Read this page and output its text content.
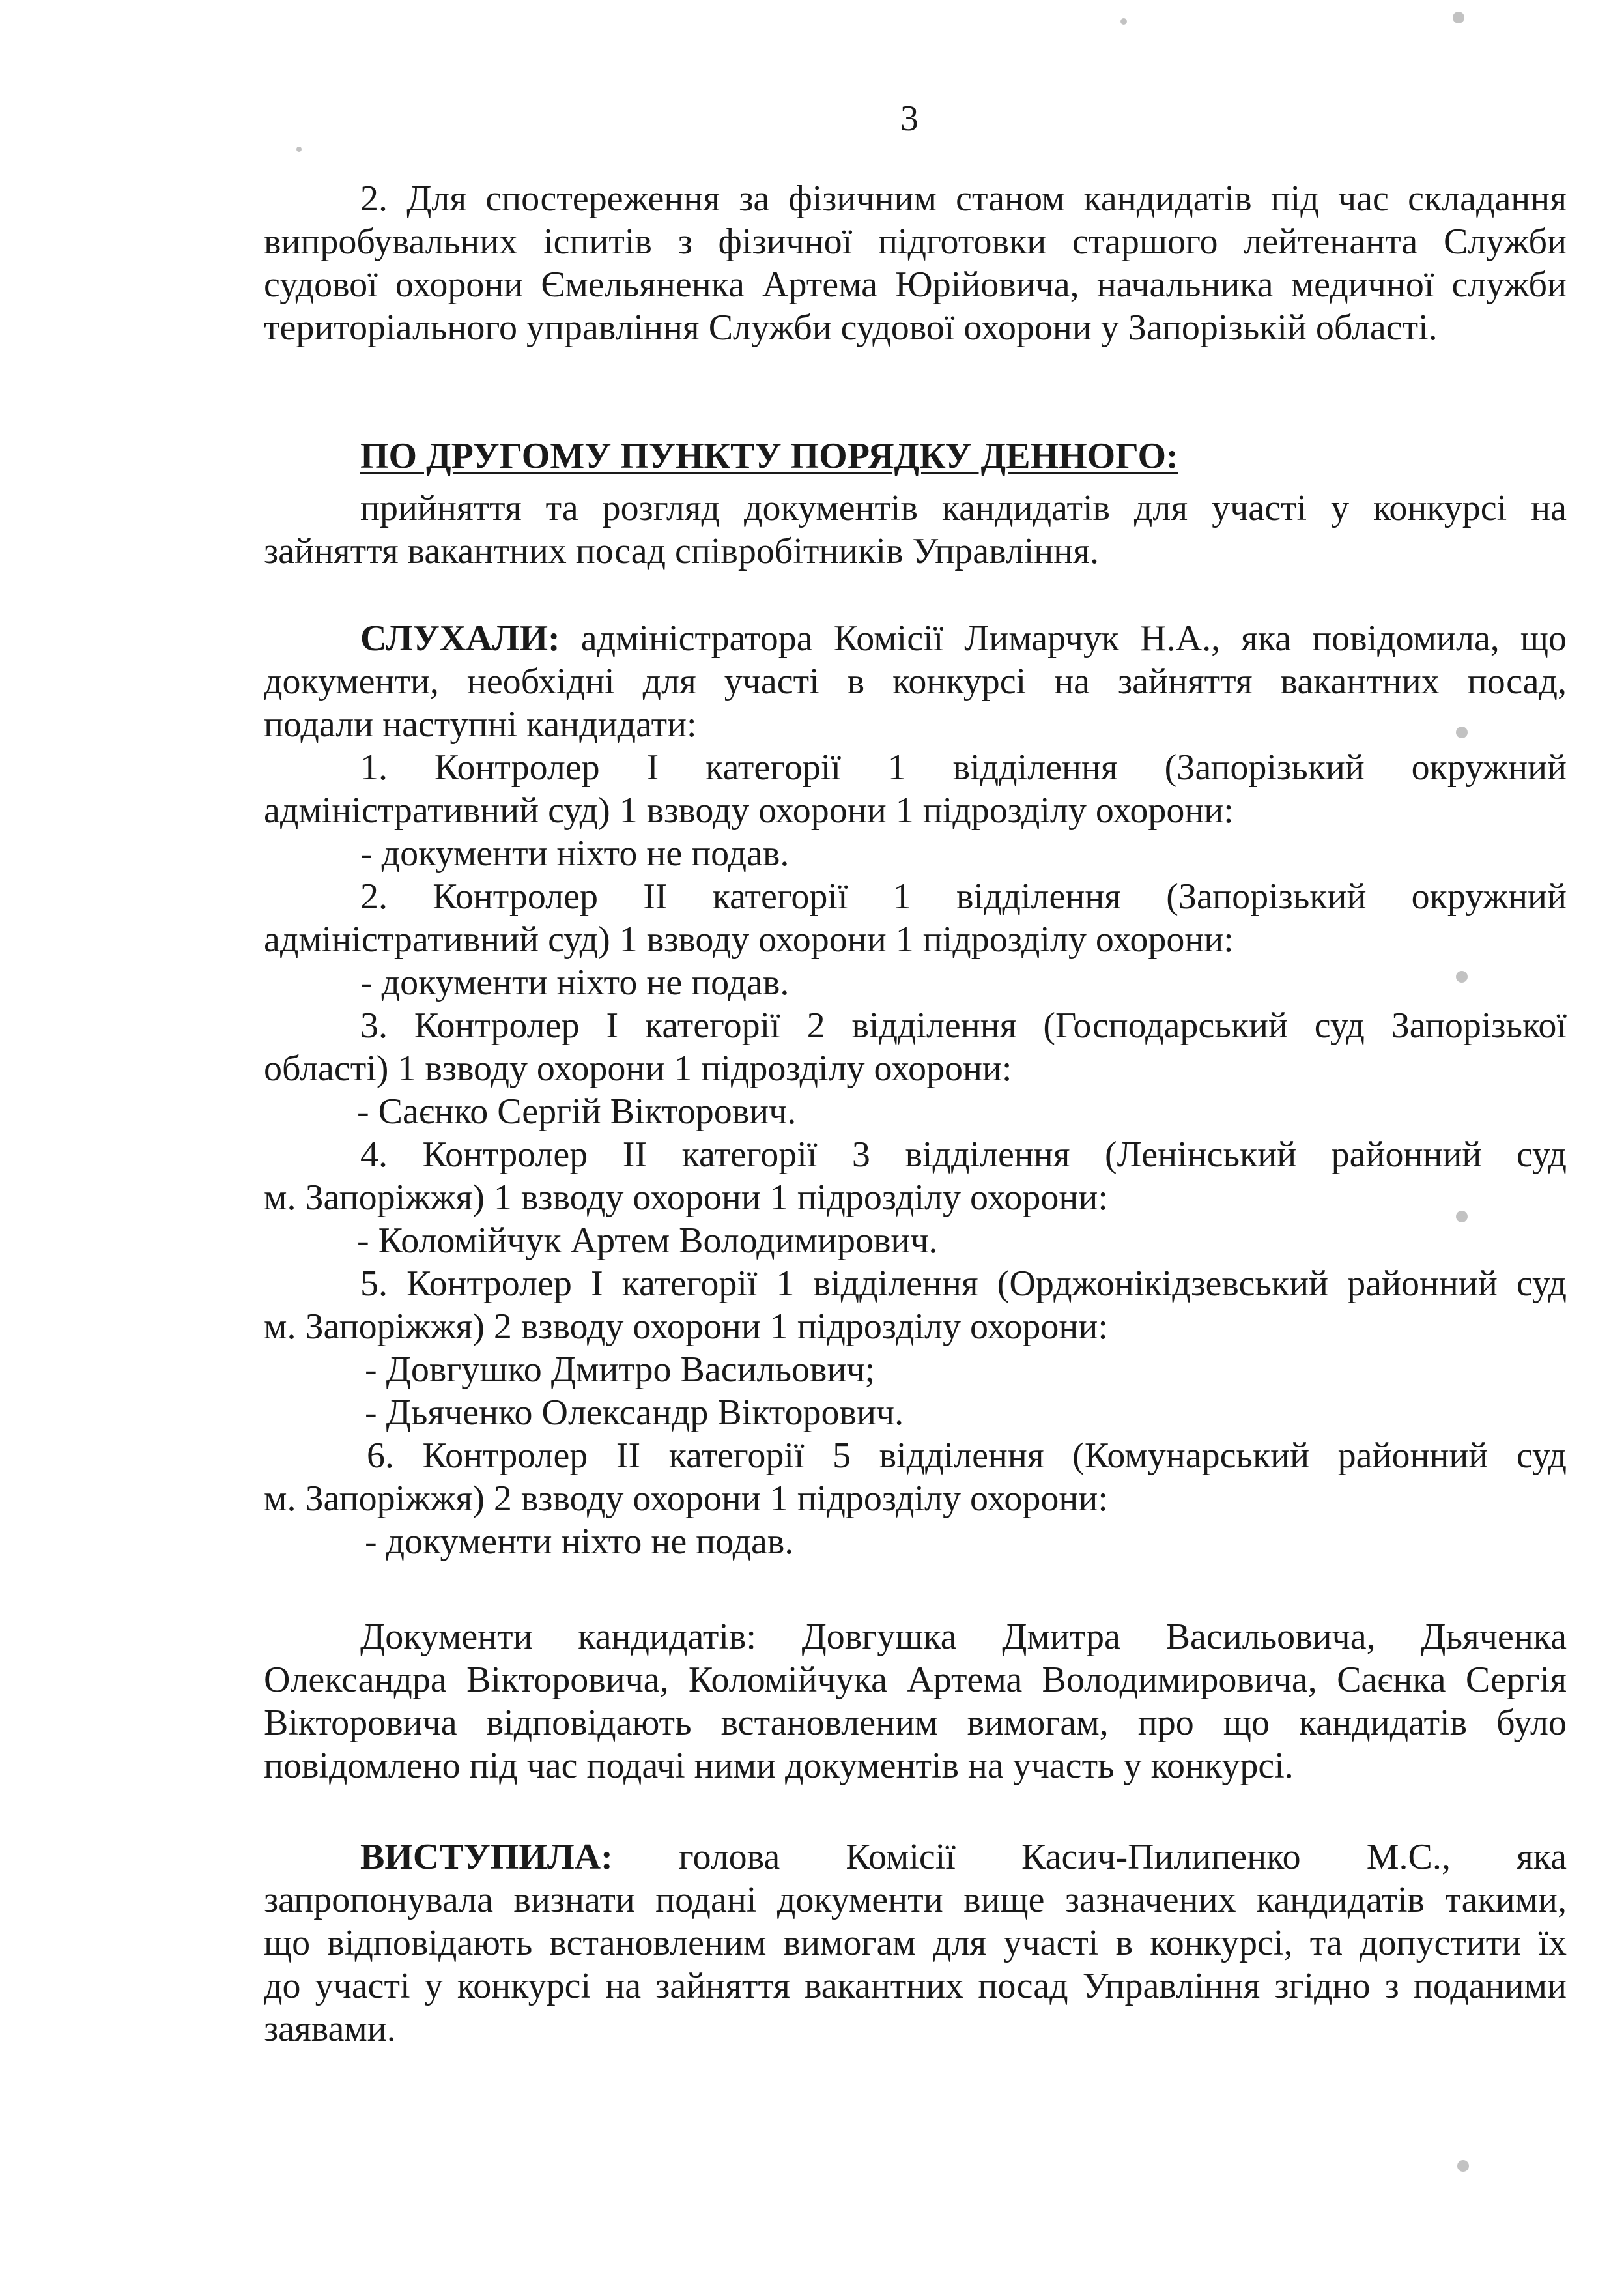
3
2. Для спостереження за фізичним станом кандидатів під час складання
випробувальних іспитів з фізичної підготовки старшого лейтенанта Служби
судової охорони Ємельяненка Артема Юрійовича, начальника медичної служби
територіального управління Служби судової охорони у Запорізькій області.
ПО ДРУГОМУ ПУНКТУ ПОРЯДКУ ДЕННОГО:
прийняття та розгляд документів кандидатів для участі у конкурсі на
зайняття вакантних посад співробітників Управління.
СЛУХАЛИ: адміністратора Комісії Лимарчук Н.А., яка повідомила, що
документи, необхідні для участі в конкурсі на зайняття вакантних посад,
подали наступні кандидати:
1. Контролер І категорії 1 відділення (Запорізький окружний
адміністративний суд) 1 взводу охорони 1 підрозділу охорони:
- документи ніхто не подав.
2. Контролер ІІ категорії 1 відділення (Запорізький окружний
адміністративний суд) 1 взводу охорони 1 підрозділу охорони:
- документи ніхто не подав.
3. Контролер І категорії 2 відділення (Господарський суд Запорізької
області) 1 взводу охорони 1 підрозділу охорони:
- Саєнко Сергій Вікторович.
4. Контролер ІІ категорії 3 відділення (Ленінський районний суд
м. Запоріжжя) 1 взводу охорони 1 підрозділу охорони:
- Коломійчук Артем Володимирович.
5. Контролер І категорії 1 відділення (Орджонікідзевський районний суд
м. Запоріжжя) 2 взводу охорони 1 підрозділу охорони:
- Довгушко Дмитро Васильович;
- Дьяченко Олександр Вікторович.
6. Контролер ІІ категорії 5 відділення (Комунарський районний суд
м. Запоріжжя) 2 взводу охорони 1 підрозділу охорони:
- документи ніхто не подав.
Документи кандидатів: Довгушка Дмитра Васильовича, Дьяченка
Олександра Вікторовича, Коломійчука Артема Володимировича, Саєнка Сергія
Вікторовича відповідають встановленим вимогам, про що кандидатів було
повідомлено під час подачі ними документів на участь у конкурсі.
ВИСТУПИЛА: голова Комісії Касич-Пилипенко М.С., яка
запропонувала визнати подані документи вище зазначених кандидатів такими,
що відповідають встановленим вимогам для участі в конкурсі, та допустити їх
до участі у конкурсі на зайняття вакантних посад Управління згідно з поданими
заявами.
